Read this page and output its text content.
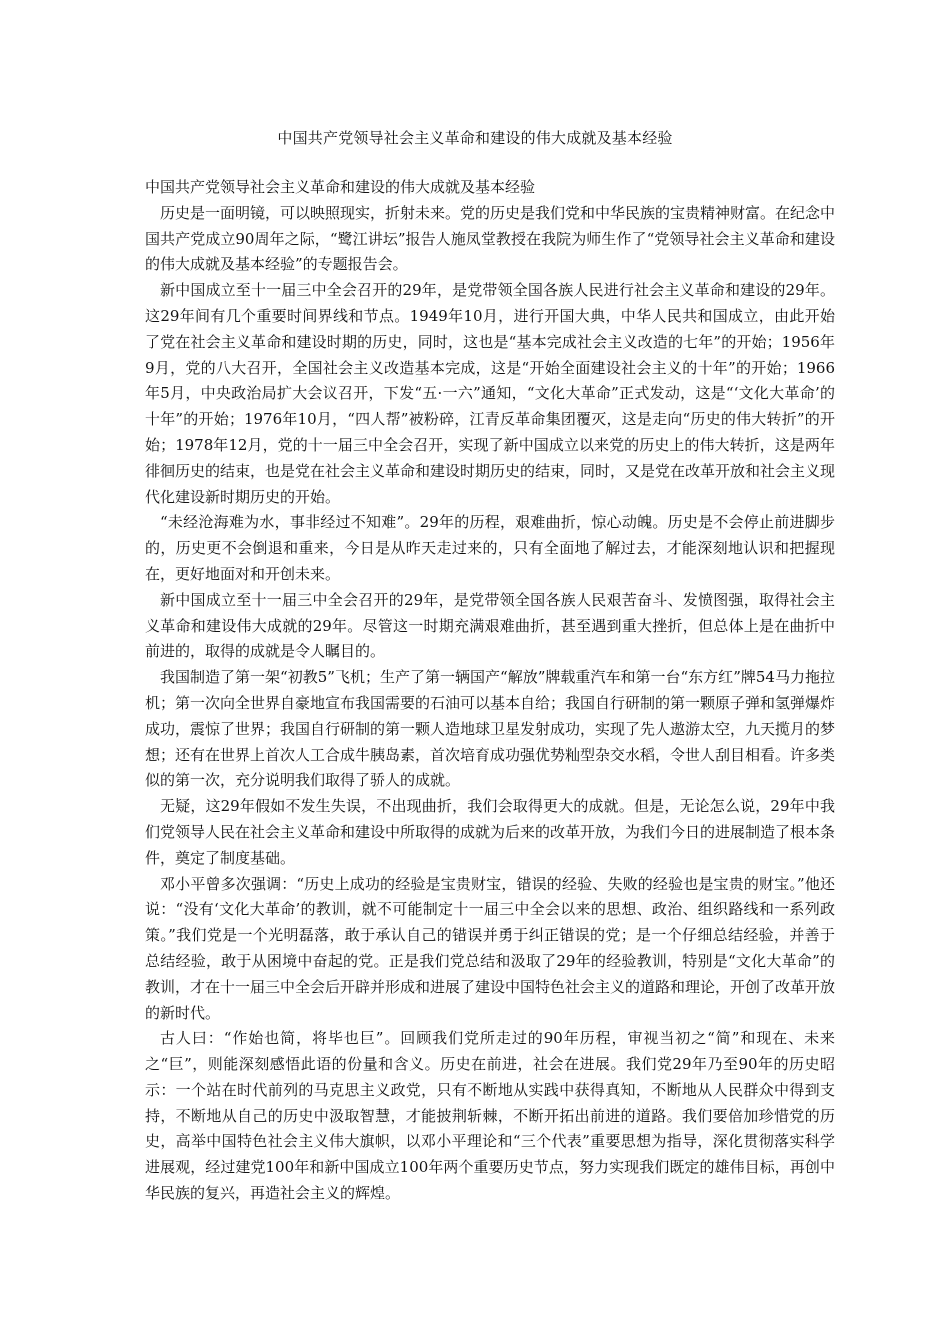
中国共产党领导社会主义革命和建设的伟大成就及基本经验

中国共产党领导社会主义革命和建设的伟大成就及基本经验

历史是一面明镜，可以映照现实，折射未来。党的历史是我们党和中华民族的宝贵精神财富。在纪念中国共产党成立90周年之际，“鹭江讲坛”报告人施凤堂教授在我院为师生作了“党领导社会主义革命和建设的伟大成就及基本经验”的专题报告会。

新中国成立至十一届三中全会召开的29年，是党带领全国各族人民进行社会主义革命和建设的29年。这29年间有几个重要时间界线和节点。1949年10月，进行开国大典，中华人民共和国成立，由此开始了党在社会主义革命和建设时期的历史，同时，这也是“基本完成社会主义改造的七年”的开始；1956年9月，党的八大召开，全国社会主义改造基本完成，这是“开始全面建设社会主义的十年”的开始；1966年5月，中央政治局扩大会议召开，下发“五·一六”通知，“文化大革命”正式发动，这是“‘文化大革命’的十年”的开始；1976年10月，“四人帮”被粉碎，江青反革命集团覆灭，这是走向“历史的伟大转折”的开始；1978年12月，党的十一届三中全会召开，实现了新中国成立以来党的历史上的伟大转折，这是两年徘徊历史的结束，也是党在社会主义革命和建设时期历史的结束，同时，又是党在改革开放和社会主义现代化建设新时期历史的开始。

“未经沧海难为水，事非经过不知难”。29年的历程，艰难曲折，惊心动魄。历史是不会停止前进脚步的，历史更不会倒退和重来，今日是从昨天走过来的，只有全面地了解过去，才能深刻地认识和把握现在，更好地面对和开创未来。

新中国成立至十一届三中全会召开的29年，是党带领全国各族人民艰苦奋斗、发愤图强，取得社会主义革命和建设伟大成就的29年。尽管这一时期充满艰难曲折，甚至遇到重大挫折，但总体上是在曲折中前进的，取得的成就是令人瞩目的。

我国制造了第一架“初教5”飞机；生产了第一辆国产“解放”牌载重汽车和第一台“东方红”牌54马力拖拉机；第一次向全世界自豪地宣布我国需要的石油可以基本自给；我国自行研制的第一颗原子弹和氢弹爆炸成功，震惊了世界；我国自行研制的第一颗人造地球卫星发射成功，实现了先人遨游太空，九天揽月的梦想；还有在世界上首次人工合成牛胰岛素，首次培育成功强优势籼型杂交水稻，令世人刮目相看。许多类似的第一次，充分说明我们取得了骄人的成就。

无疑，这29年假如不发生失误，不出现曲折，我们会取得更大的成就。但是，无论怎么说，29年中我们党领导人民在社会主义革命和建设中所取得的成就为后来的改革开放，为我们今日的进展制造了根本条件，奠定了制度基础。

邓小平曾多次强调：“历史上成功的经验是宝贵财宝，错误的经验、失败的经验也是宝贵的财宝。”他还说：“没有‘文化大革命’的教训，就不可能制定十一届三中全会以来的思想、政治、组织路线和一系列政策。”我们党是一个光明磊落，敢于承认自己的错误并勇于纠正错误的党；是一个仔细总结经验，并善于总结经验，敢于从困境中奋起的党。正是我们党总结和汲取了29年的经验教训，特别是“文化大革命”的教训，才在十一届三中全会后开辟并形成和进展了建设中国特色社会主义的道路和理论，开创了改革开放的新时代。

古人曰：“作始也简，将毕也巨”。回顾我们党所走过的90年历程，审视当初之“简”和现在、未来之“巨”，则能深刻感悟此语的份量和含义。历史在前进，社会在进展。我们党29年乃至90年的历史昭示：一个站在时代前列的马克思主义政党，只有不断地从实践中获得真知，不断地从人民群众中得到支持，不断地从自己的历史中汲取智慧，才能披荆斩棘，不断开拓出前进的道路。我们要倍加珍惜党的历史，高举中国特色社会主义伟大旗帜，以邓小平理论和“三个代表”重要思想为指导，深化贯彻落实科学进展观，经过建党100年和新中国成立100年两个重要历史节点，努力实现我们既定的雄伟目标，再创中华民族的复兴，再造社会主义的辉煌。
